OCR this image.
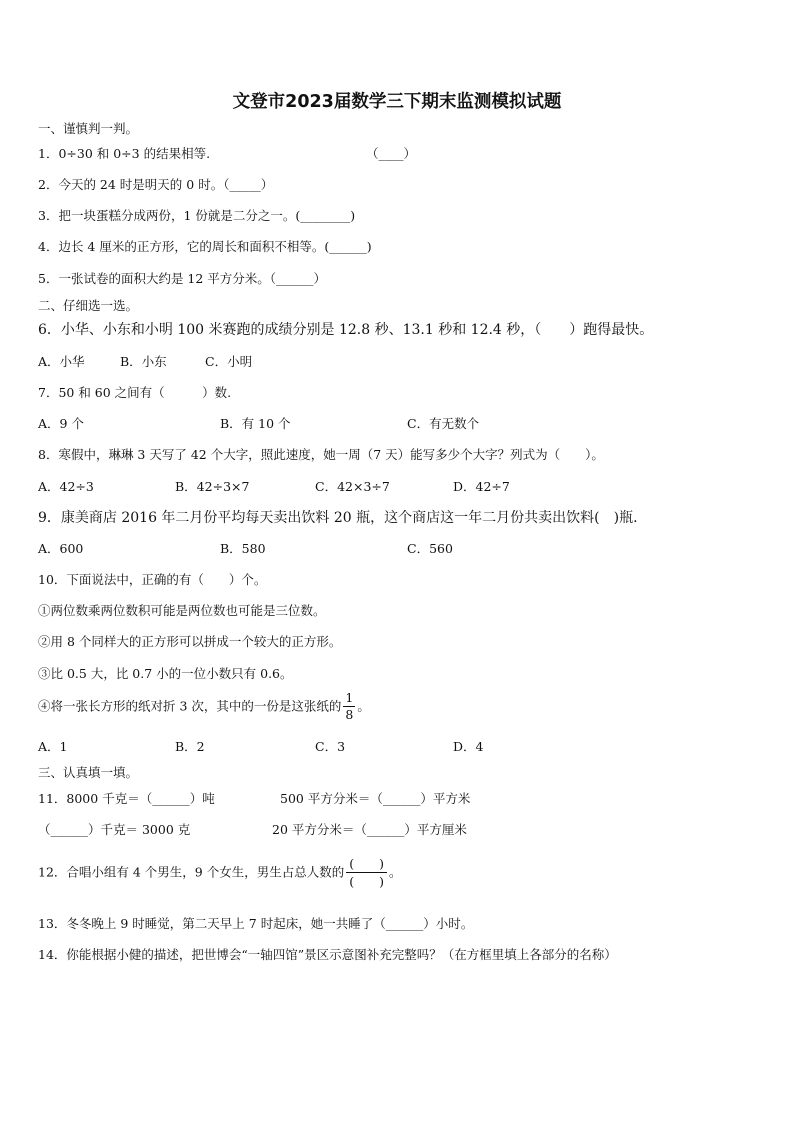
文登市2023届数学三下期末监测模拟试题
一、谨慎判一判。
1．0÷30 和 0÷3 的结果相等.	（____）
2．今天的 24 时是明天的 0 时。（_____）
3．把一块蛋糕分成两份，1 份就是二分之一。(________)
4．边长 4 厘米的正方形，它的周长和面积不相等。(______)
5．一张试卷的面积大约是 12 平方分米。（______）
二、仔细选一选。
6．小华、小东和小明 100 米赛跑的成绩分别是 12.8 秒、13.1 秒和 12.4 秒，（　　）跑得最快。
A．小华	B．小东	C．小明
7．50 和 60 之间有（　　　）数.
A．9 个	B．有 10 个	C．有无数个
8．寒假中，琳琳 3 天写了 42 个大字，照此速度，她一周（7 天）能写多少个大字？列式为（　　）。
A．42÷3	B．42÷3×7	C．42×3÷7	D．42÷7
9．康美商店 2016 年二月份平均每天卖出饮料 20 瓶，这个商店这一年二月份共卖出饮料(　)瓶.
A．600	B．580	C．560
10．下面说法中，正确的有（　　）个。
①两位数乘两位数积可能是两位数也可能是三位数。
②用 8 个同样大的正方形可以拼成一个较大的正方形。
③比 0.5 大，比 0.7 小的一位小数只有 0.6。
④将一张长方形的纸对折 3 次，其中的一份是这张纸的 $\frac{1}{8}$ 。
A．1	B．2	C．3	D．4
三、认真填一填。
11．8000 千克＝（______）吨	500 平方分米＝（______）平方米
（______）千克＝ 3000 克	20 平方分米＝（______）平方厘米
12．合唱小组有 4 个男生，9 个女生，男生占总人数的
(　　)
(　　)
。
13．冬冬晚上 9 时睡觉，第二天早上 7 时起床，她一共睡了（______）小时。
14．你能根据小健的描述，把世博会“一轴四馆”景区示意图补充完整吗？（在方框里填上各部分的名称）
